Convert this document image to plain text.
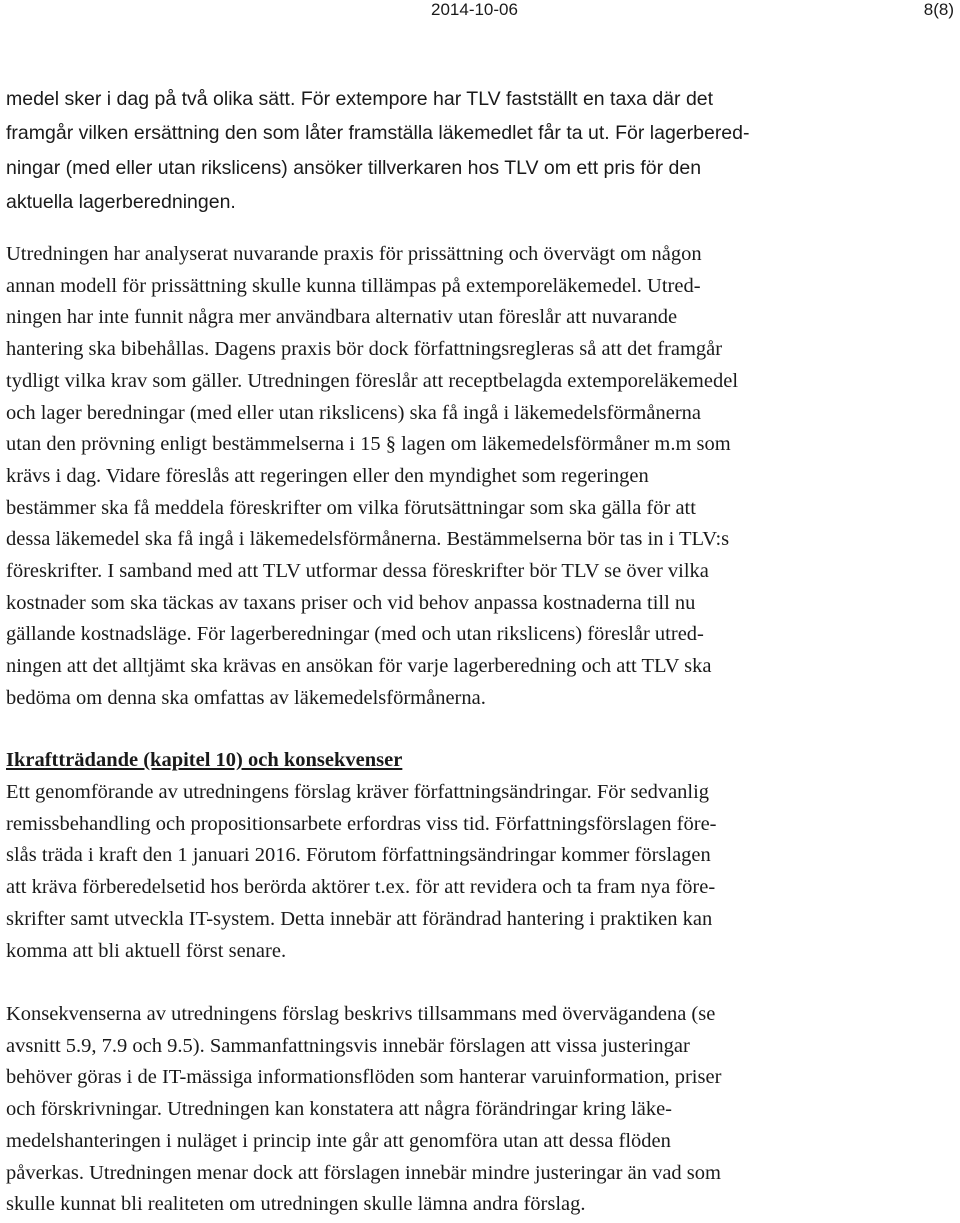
2014-10-06	8(8)
medel sker i dag på två olika sätt. För extempore har TLV fastställt en taxa där det
framgår vilken ersättning den som låter framställa läkemedlet får ta ut. För lagerbered-
ningar (med eller utan rikslicens) ansöker tillverkaren hos TLV om ett pris för den
aktuella lagerberedningen.
Utredningen har analyserat nuvarande praxis för prissättning och övervägt om någon
annan modell för prissättning skulle kunna tillämpas på extemporeläkemedel. Utred-
ningen har inte funnit några mer användbara alternativ utan föreslår att nuvarande
hantering ska bibehållas. Dagens praxis bör dock författningsregleras så att det framgår
tydligt vilka krav som gäller. Utredningen föreslår att receptbelagda extemporeläkemedel
och lager beredningar (med eller utan rikslicens) ska få ingå i läkemedelsförmånerna
utan den prövning enligt bestämmelserna i 15 § lagen om läkemedelsförmåner m.m som
krävs i dag. Vidare föreslås att regeringen eller den myndighet som regeringen
bestämmer ska få meddela föreskrifter om vilka förutsättningar som ska gälla för att
dessa läkemedel ska få ingå i läkemedelsförmånerna. Bestämmelserna bör tas in i TLV:s
föreskrifter. I samband med att TLV utformar dessa föreskrifter bör TLV se över vilka
kostnader som ska täckas av taxans priser och vid behov anpassa kostnaderna till nu
gällande kostnadsläge. För lagerberedningar (med och utan rikslicens) föreslår utred-
ningen att det alltjämt ska krävas en ansökan för varje lagerberedning och att TLV ska
bedöma om denna ska omfattas av läkemedelsförmånerna.
Ikraftträdande (kapitel 10) och konsekvenser
Ett genomförande av utredningens förslag kräver författningsändringar. För sedvanlig
remissbehandling och propositionsarbete erfordras viss tid. Författningsförslagen före-
slås träda i kraft den 1 januari 2016. Förutom författningsändringar kommer förslagen
att kräva förberedelsetid hos berörda aktörer t.ex. för att revidera och ta fram nya före-
skrifter samt utveckla IT-system. Detta innebär att förändrad hantering i praktiken kan
komma att bli aktuell först senare.
Konsekvenserna av utredningens förslag beskrivs tillsammans med övervägandena (se
avsnitt 5.9, 7.9 och 9.5). Sammanfattningsvis innebär förslagen att vissa justeringar
behöver göras i de IT-mässiga informationsflöden som hanterar varuinformation, priser
och förskrivningar. Utredningen kan konstatera att några förändringar kring läke-
medelshanteringen i nuläget i princip inte går att genomföra utan att dessa flöden
påverkas. Utredningen menar dock att förslagen innebär mindre justeringar än vad som
skulle kunnat bli realiteten om utredningen skulle lämna andra förslag.
